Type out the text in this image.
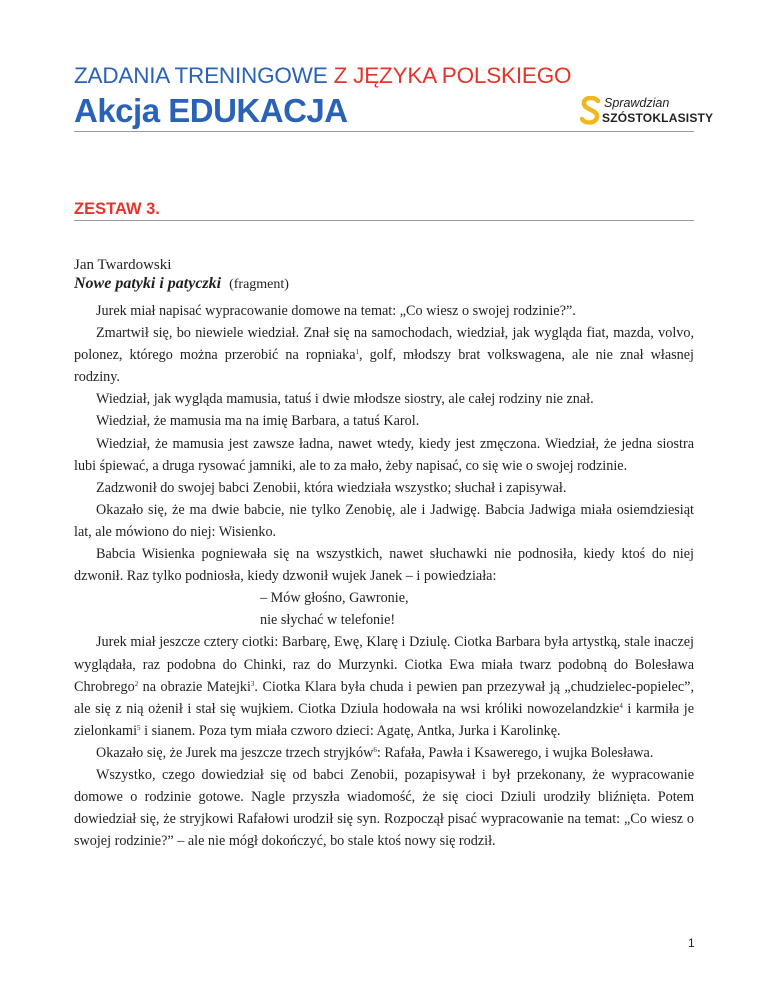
ZADANIA TRENINGOWE Z JĘZYKA POLSKIEGO
Akcja EDUKACJA	Sprawdzian
SZÓSTOKLASISTY
ZESTAW 3.
Jan Twardowski
Nowe patyki i patyczki (fragment)

Jurek miał napisać wypracowanie domowe na temat: „Co wiesz o swojej rodzinie?”.

Zmartwił się, bo niewiele wiedział. Znał się na samochodach, wiedział, jak wygląda fiat, mazda, volvo, polonez, którego można przerobić na ropniaka$^1$, golf, młodszy brat volkswagena, ale nie znał własnej rodziny.

Wiedział, jak wygląda mamusia, tatuś i dwie młodsze siostry, ale całej rodziny nie znał.

Wiedział, że mamusia ma na imię Barbara, a tatuś Karol.

Wiedział, że mamusia jest zawsze ładna, nawet wtedy, kiedy jest zmęczona. Wiedział, że jedna siostra lubi śpiewać, a druga rysować jamniki, ale to za mało, żeby napisać, co się wie o swojej rodzinie.

Zadzwonił do swojej babci Zenobii, która wiedziała wszystko; słuchał i zapisywał.

Okazało się, że ma dwie babcie, nie tylko Zenobię, ale i Jadwigę. Babcia Jadwiga miała osiemdziesiąt lat, ale mówiono do niej: Wisienko.

Babcia Wisienka pogniewała się na wszystkich, nawet słuchawki nie podnosiła, kiedy ktoś do niej dzwonił. Raz tylko podniosła, kiedy dzwonił wujek Janek – i powiedziała:

– Mów głośno, Gawronie,

nie słychać w telefonie!

Jurek miał jeszcze cztery ciotki: Barbarę, Ewę, Klarę i Dziulę. Ciotka Barbara była artystką, stale inaczej wyglądała, raz podobna do Chinki, raz do Murzynki. Ciotka Ewa miała twarz podobną do Bolesława Chrobrego$^2$ na obrazie Matejki$^3$. Ciotka Klara była chuda i pewien pan przezywał ją „chudzielec-popielec”, ale się z nią ożenił i stał się wujkiem. Ciotka Dziula hodowała na wsi króliki nowozelandzkie$^4$ i karmiła je zielonkami$^5$ i sianem. Poza tym miała czworo dzieci: Agatę, Antka, Jurka i Karolinkę.

Okazało się, że Jurek ma jeszcze trzech stryjków$^6$: Rafała, Pawła i Ksawerego, i wujka Bolesława.

Wszystko, czego dowiedział się od babci Zenobii, pozapisywał i był przekonany, że wypracowanie domowe o rodzinie gotowe. Nagle przyszła wiadomość, że się cioci Dziuli urodziły bliźnięta. Potem dowiedział się, że stryjkowi Rafałowi urodził się syn. Rozpoczął pisać wypracowanie na temat: „Co wiesz o swojej rodzinie?” – ale nie mógł dokończyć, bo stale ktoś nowy się rodził.

1
